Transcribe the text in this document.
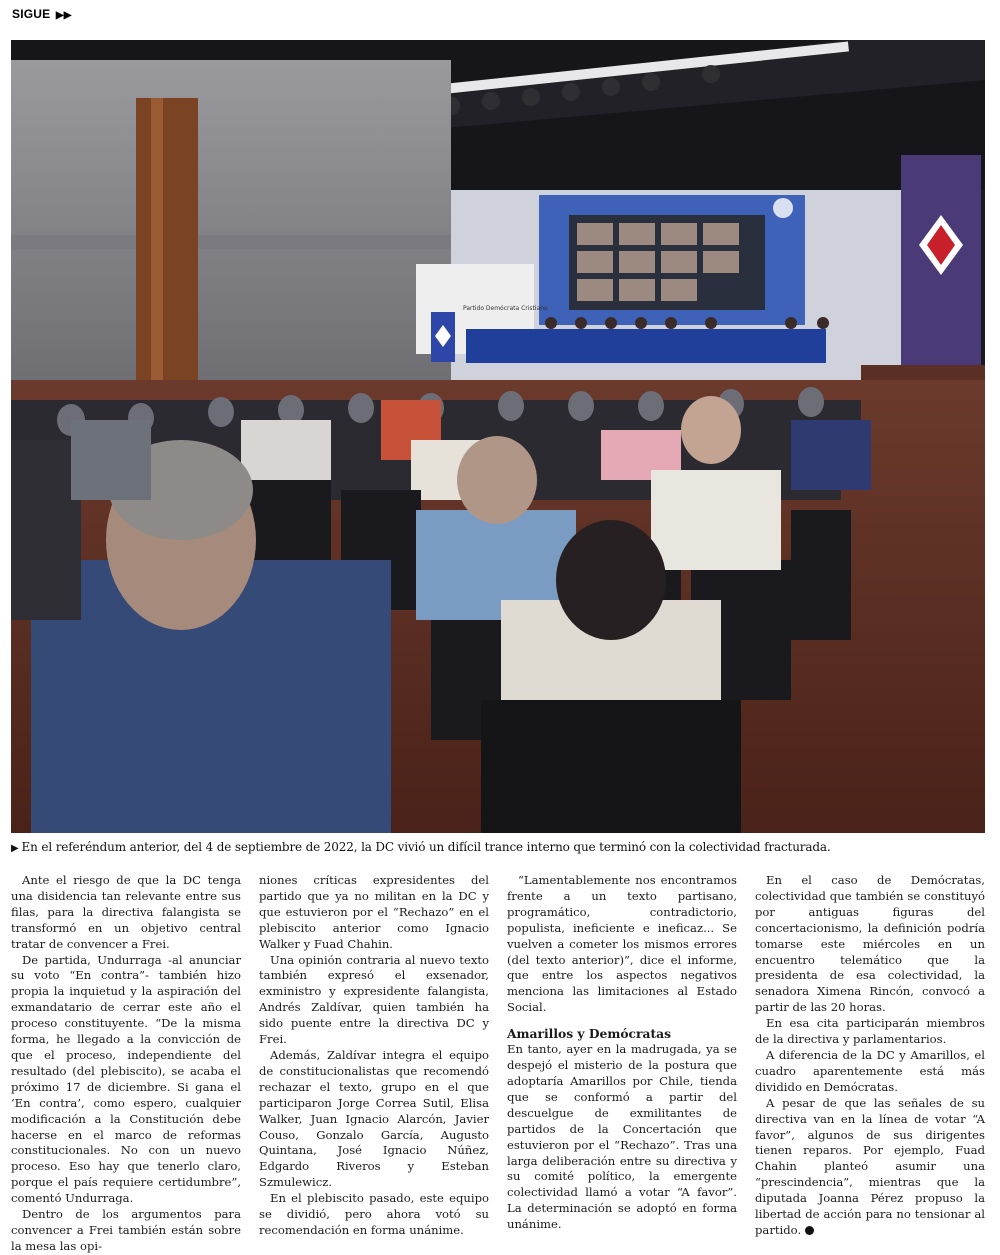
SIGUE ▶▶
Partido Demócrata Cristiano
▶ En el referéndum anterior, del 4 de septiembre de 2022, la DC vivió un difícil trance interno que terminó con la colectividad fracturada.

Ante el riesgo de que la DC tenga una disidencia tan relevante entre sus filas, para la directiva falangista se transformó en un objetivo central tratar de convencer a Frei.

De partida, Undurraga -al anunciar su voto “En contra”- también hizo propia la inquietud y la aspiración del exmandatario de cerrar este año el proceso constituyente. “De la misma forma, he llegado a la convicción de que el proceso, independiente del resultado (del plebiscito), se acaba el próximo 17 de diciembre. Si gana el ‘En contra’, como espero, cualquier modificación a la Constitución debe hacerse en el marco de reformas constitucionales. No con un nuevo proceso. Eso hay que tenerlo claro, porque el país requiere certidumbre”, comentó Undurraga.

Dentro de los argumentos para convencer a Frei también están sobre la mesa las opi-

niones críticas expresidentes del partido que ya no militan en la DC y que estuvieron por el “Rechazo” en el plebiscito anterior como Ignacio Walker y Fuad Chahin.

Una opinión contraria al nuevo texto también expresó el exsenador, exministro y expresidente falangista, Andrés Zaldívar, quien también ha sido puente entre la directiva DC y Frei.

Además, Zaldívar integra el equipo de constitucionalistas que recomendó rechazar el texto, grupo en el que participaron Jorge Correa Sutil, Elisa Walker, Juan Ignacio Alarcón, Javier Couso, Gonzalo García, Augusto Quintana, José Ignacio Núñez, Edgardo Riveros y Esteban Szmulewicz.

En el plebiscito pasado, este equipo se dividió, pero ahora votó su recomendación en forma unánime.

“Lamentablemente nos encontramos frente a un texto partisano, programático, contradictorio, populista, ineficiente e ineficaz... Se vuelven a cometer los mismos errores (del texto anterior)”, dice el informe, que entre los aspectos negativos menciona las limitaciones al Estado Social.

Amarillos y Demócratas

En tanto, ayer en la madrugada, ya se despejó el misterio de la postura que adoptaría Amarillos por Chile, tienda que se conformó a partir del descuelgue de exmilitantes de partidos de la Concertación que estuvieron por el “Rechazo”. Tras una larga deliberación entre su directiva y su comité político, la emergente colectividad llamó a votar “A favor”. La determinación se adoptó en forma unánime.

En el caso de Demócratas, colectividad que también se constituyó por antiguas figuras del concertacionismo, la definición podría tomarse este miércoles en un encuentro telemático que la presidenta de esa colectividad, la senadora Ximena Rincón, convocó a partir de las 20 horas.

En esa cita participarán miembros de la directiva y parlamentarios.

A diferencia de la DC y Amarillos, el cuadro aparentemente está más dividido en Demócratas.

A pesar de que las señales de su directiva van en la línea de votar “A favor”, algunos de sus dirigentes tienen reparos. Por ejemplo, Fuad Chahin planteó asumir una “prescindencia”, mientras que la diputada Joanna Pérez propuso la libertad de acción para no tensionar al partido.
